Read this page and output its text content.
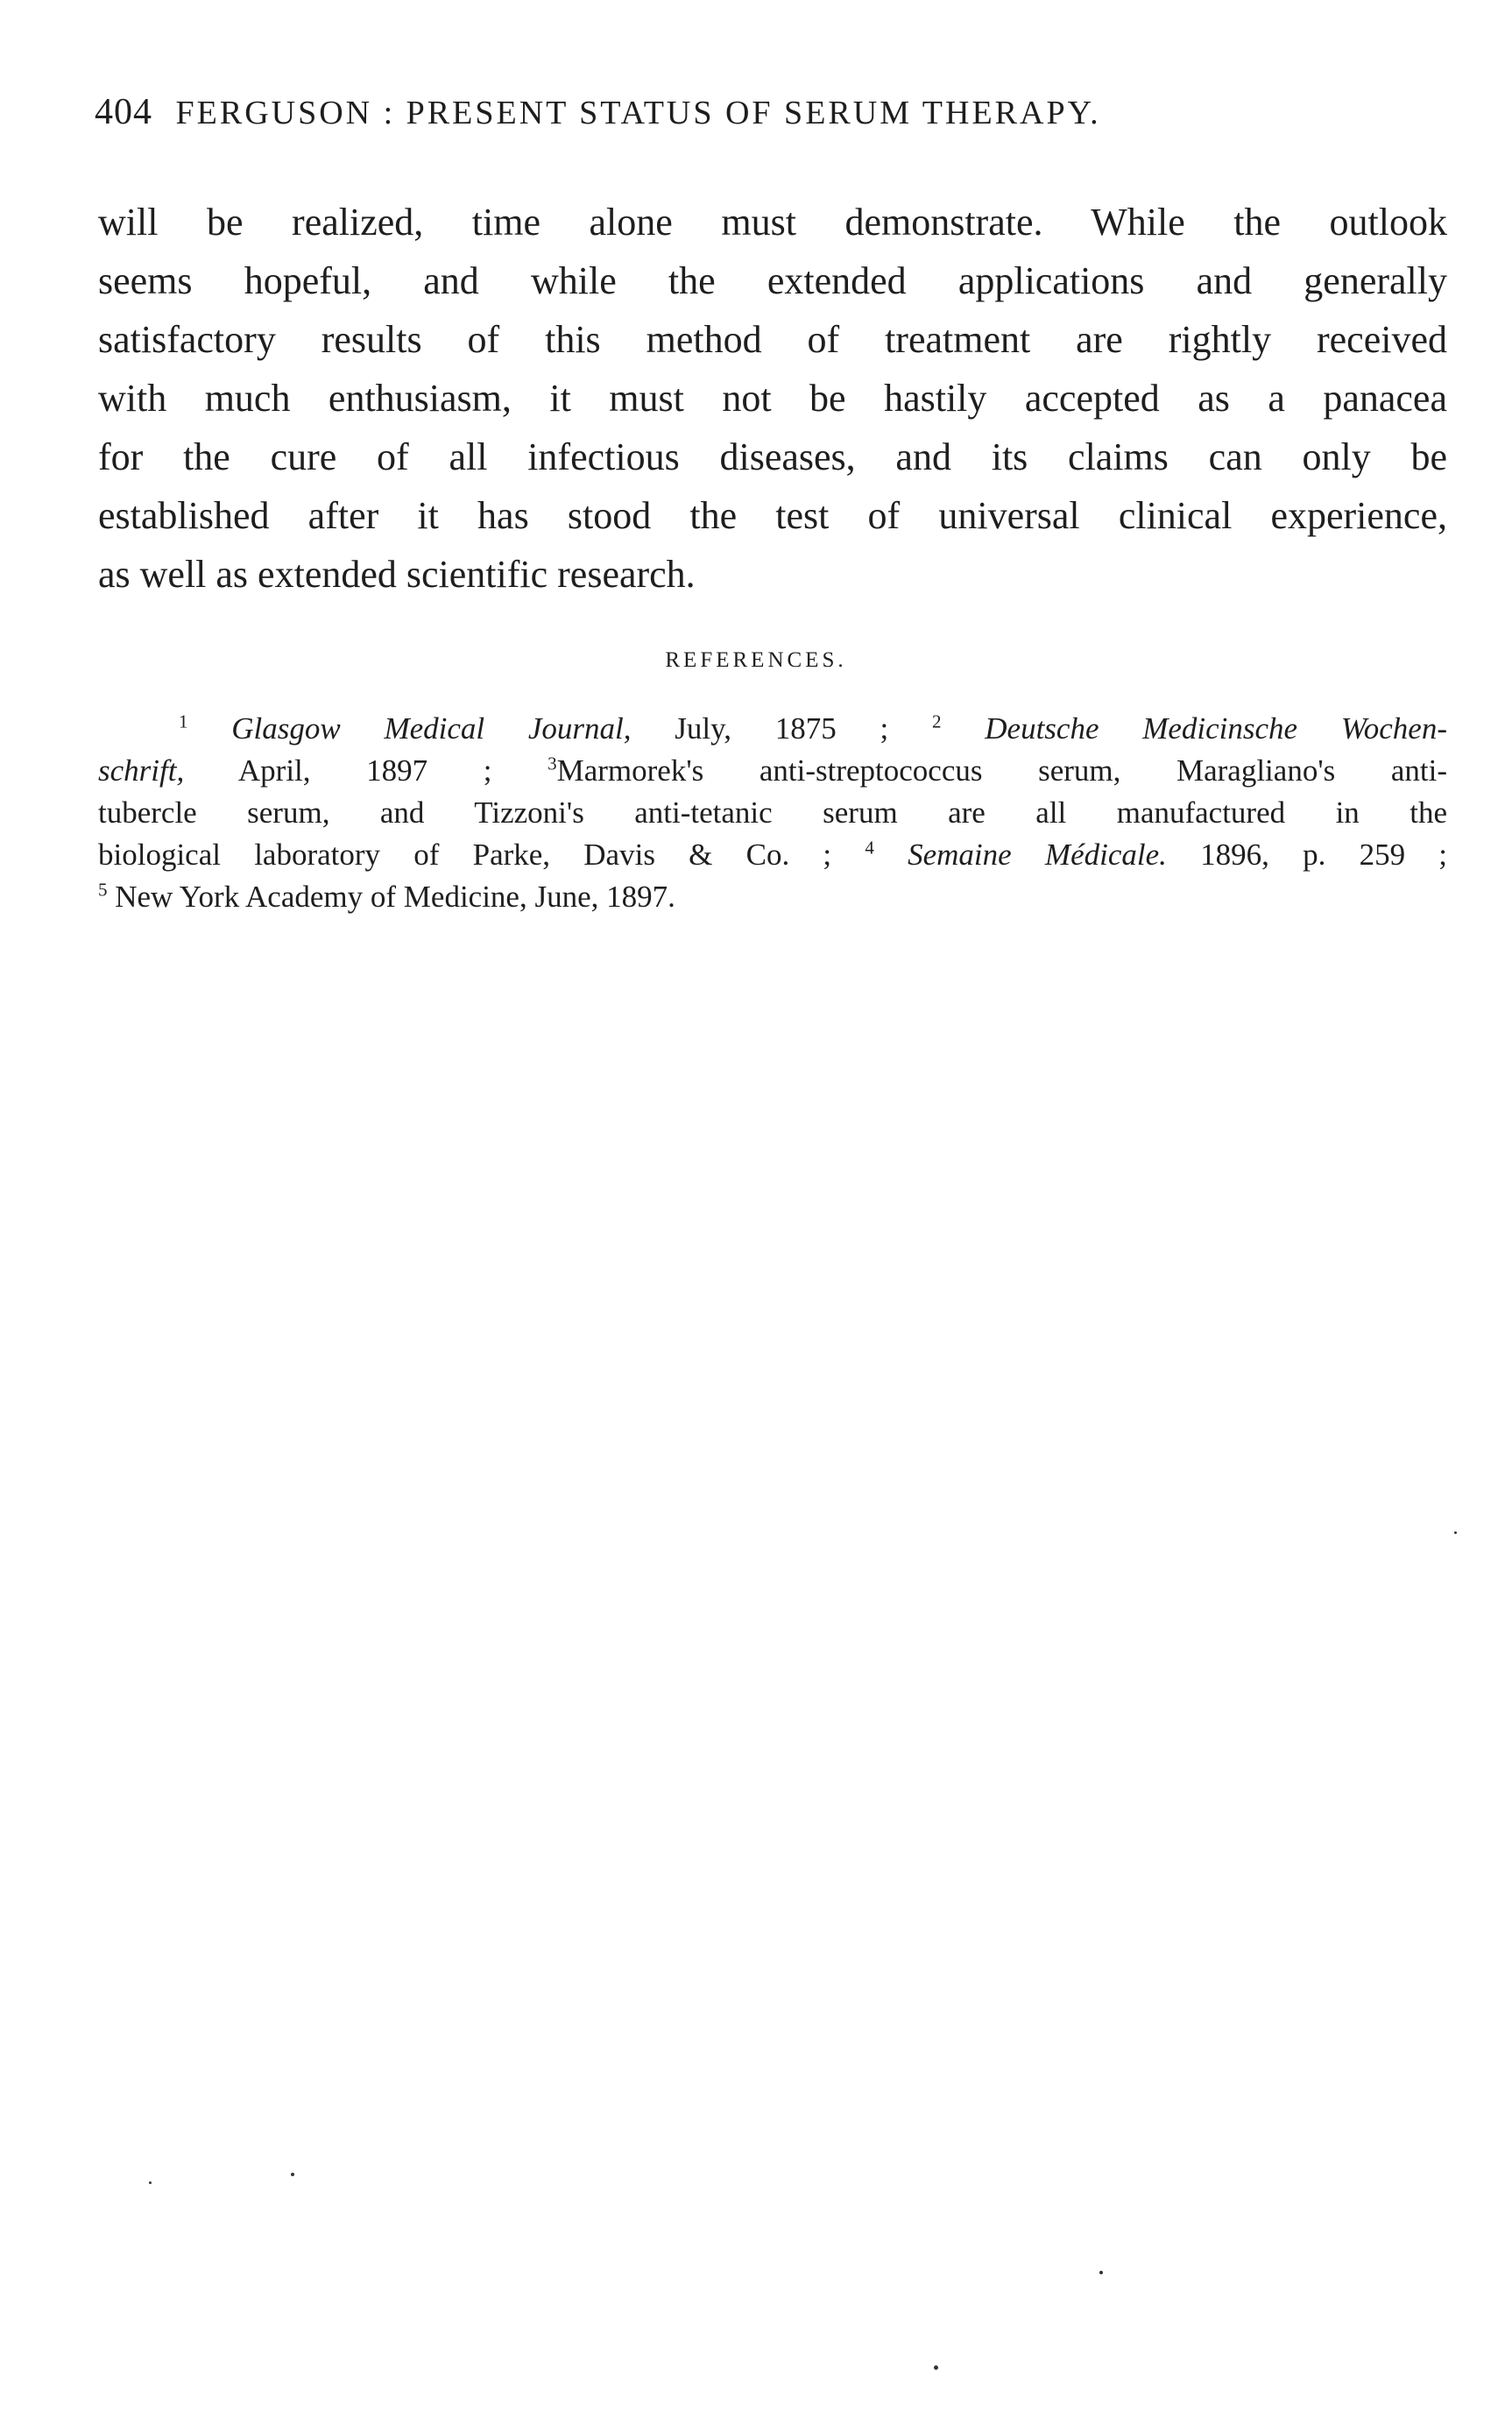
404 FERGUSON : PRESENT STATUS OF SERUM THERAPY.
will be realized, time alone must demonstrate. While the outlook
seems hopeful, and while the extended applications and generally
satisfactory results of this method of treatment are rightly received
with much enthusiasm, it must not be hastily accepted as a panacea
for the cure of all infectious diseases, and its claims can only be
established after it has stood the test of universal clinical experience,
as well as extended scientific research.
REFERENCES.
$^1$ Glasgow Medical Journal, July, 1875 ; $^2$ Deutsche Medicinsche Wochen-
schrift, April, 1897 ; $^3$Marmorek's anti-streptococcus serum, Maragliano's anti-
tubercle serum, and Tizzoni's anti-tetanic serum are all manufactured in the
biological laboratory of Parke, Davis & Co. ; $^4$ Semaine Médicale. 1896, p. 259 ;
$^5$ New York Academy of Medicine, June, 1897.
